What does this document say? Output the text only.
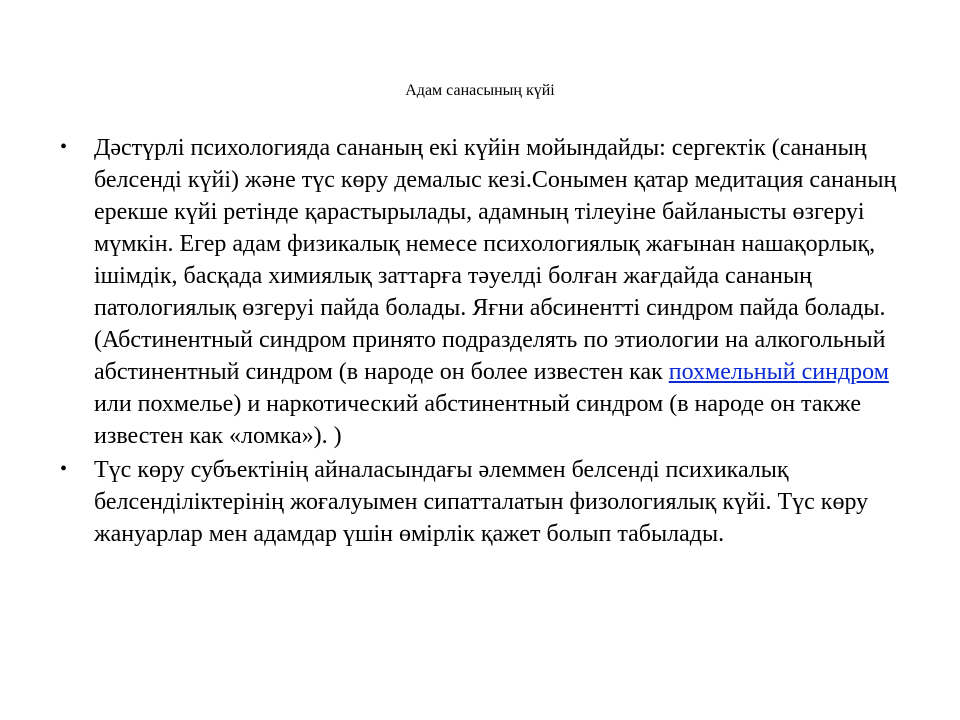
Адам санасының күйі
• Дәстүрлі психологияда сананың екі күйін мойындайды: сергектік (сананың белсенді күйі) және түс көру демалыс кезі.Сонымен қатар медитация сананың ерекше күйі ретінде қарастырылады, адамның тілеуіне байланысты өзгеруі мүмкін. Егер адам физикалық немесе психологиялық жағынан нашақорлық, ішімдік, басқада химиялық заттарға тәуелді болған жағдайда сананың патологиялық өзгеруі пайда болады. Яғни абсинентті синдром пайда болады. (Абстинентный синдром принято подразделять по этиологии на алкогольный абстинентный синдром (в народе он более известен как похмельный синдром или похмелье) и наркотический абстинентный синдром (в народе он также известен как «ломка»). )
• Түс көру субъектінің айналасындағы әлеммен белсенді психикалық белсенділіктерінің жоғалуымен сипатталатын физологиялық күйі. Түс көру жануарлар мен адамдар үшін өмірлік қажет болып табылады.
